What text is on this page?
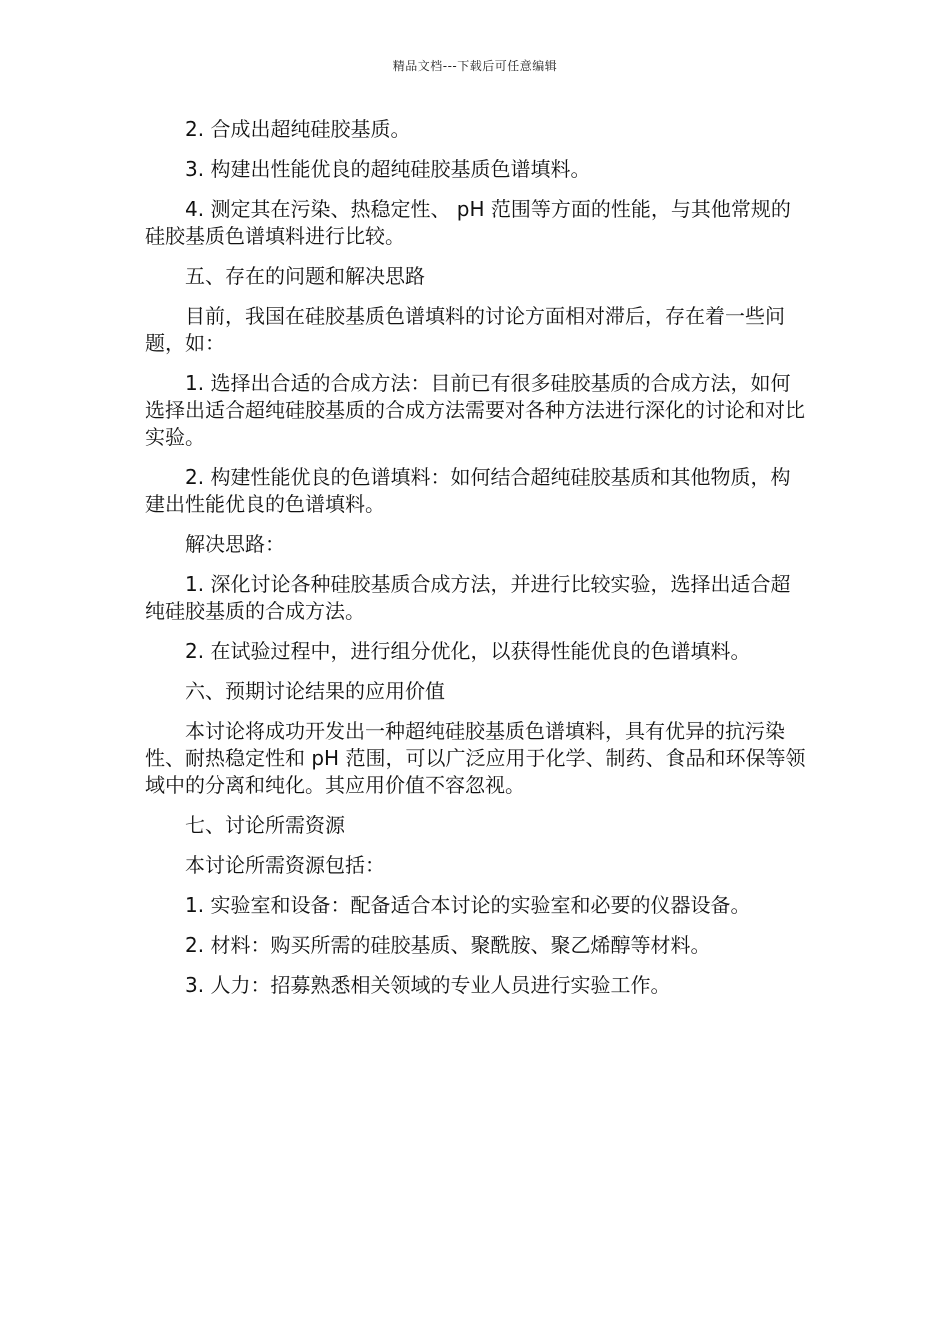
精品文档---下载后可任意编辑

2. 合成出超纯硅胶基质。

3. 构建出性能优良的超纯硅胶基质色谱填料。

4. 测定其在污染、热稳定性、 pH 范围等方面的性能，与其他常规的硅胶基质色谱填料进行比较。

五、存在的问题和解决思路

目前，我国在硅胶基质色谱填料的讨论方面相对滞后，存在着一些问题，如：

1. 选择出合适的合成方法：目前已有很多硅胶基质的合成方法，如何选择出适合超纯硅胶基质的合成方法需要对各种方法进行深化的讨论和对比实验。

2. 构建性能优良的色谱填料：如何结合超纯硅胶基质和其他物质，构建出性能优良的色谱填料。

解决思路：

1. 深化讨论各种硅胶基质合成方法，并进行比较实验，选择出适合超纯硅胶基质的合成方法。

2. 在试验过程中，进行组分优化，以获得性能优良的色谱填料。

六、预期讨论结果的应用价值

本讨论将成功开发出一种超纯硅胶基质色谱填料，具有优异的抗污染性、耐热稳定性和 pH 范围，可以广泛应用于化学、制药、食品和环保等领域中的分离和纯化。其应用价值不容忽视。

七、讨论所需资源

本讨论所需资源包括：

1. 实验室和设备：配备适合本讨论的实验室和必要的仪器设备。

2. 材料：购买所需的硅胶基质、聚酰胺、聚乙烯醇等材料。

3. 人力：招募熟悉相关领域的专业人员进行实验工作。
